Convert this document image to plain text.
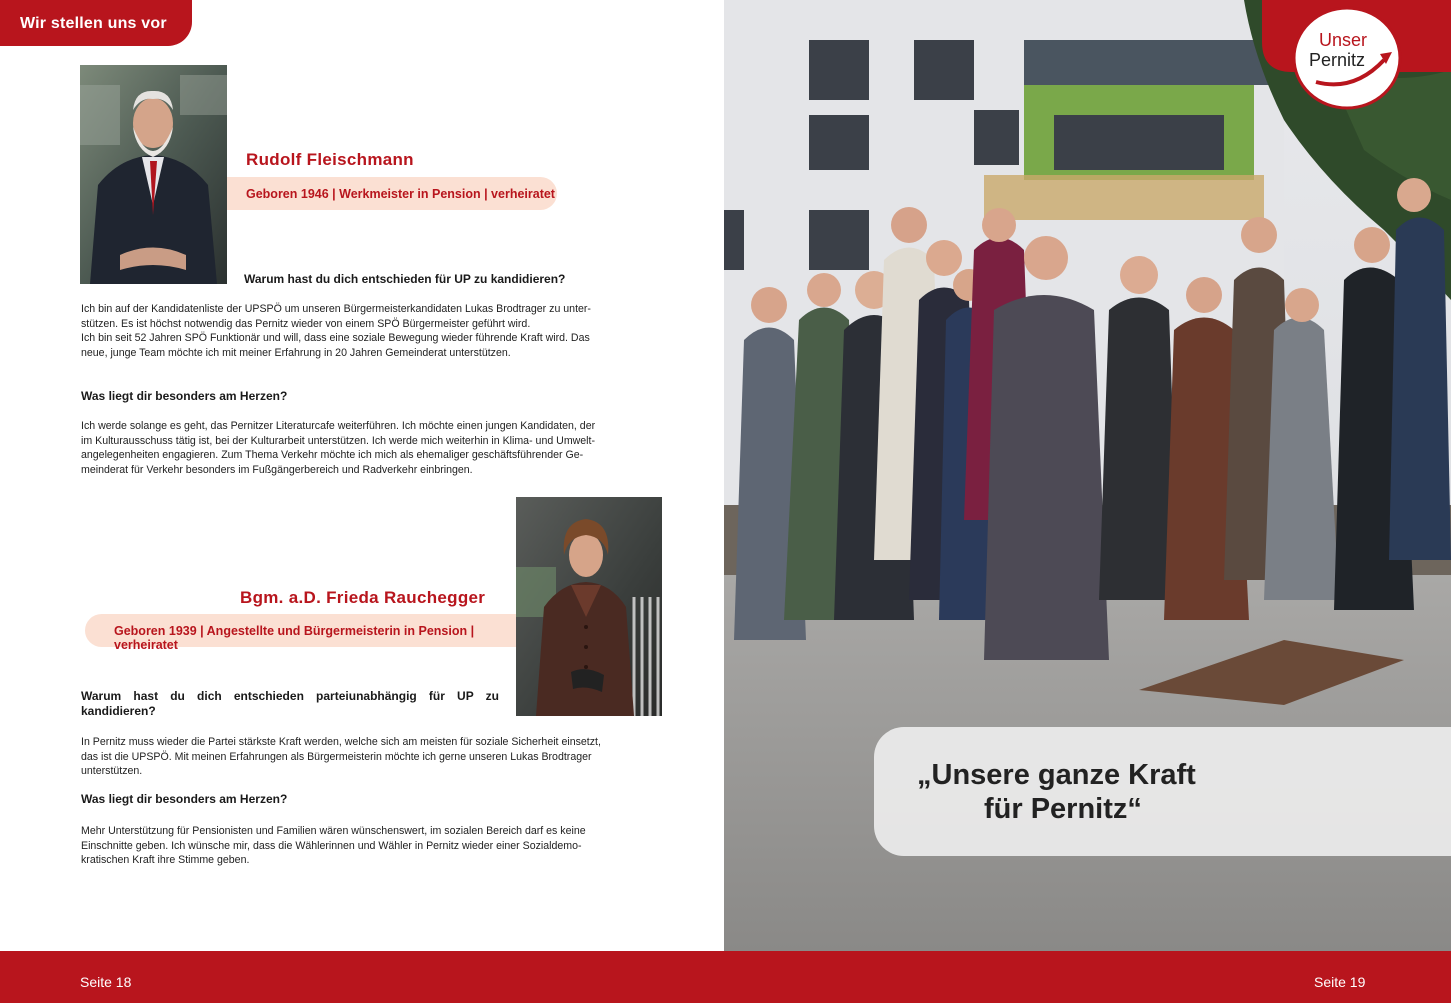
Wir stellen uns vor
Rudolf Fleischmann
Geboren 1946 | Werkmeister in Pension | verheiratet
Warum hast du dich entschieden für UP zu kandidieren?
Ich bin auf der Kandidatenliste der UPSPÖ um unseren Bürgermeisterkandidaten Lukas Brodtrager zu unter-
stützen. Es ist höchst notwendig das Pernitz wieder von einem SPÖ Bürgermeister geführt wird.
Ich bin seit 52 Jahren SPÖ Funktionär und will, dass eine soziale Bewegung wieder führende Kraft wird. Das
neue, junge Team möchte ich mit meiner Erfahrung in 20 Jahren Gemeinderat unterstützen.
Was liegt dir besonders am Herzen?
Ich werde solange es geht, das Pernitzer Literaturcafe weiterführen. Ich möchte einen jungen Kandidaten, der
im Kulturausschuss tätig ist, bei der Kulturarbeit unterstützen. Ich werde mich weiterhin in Klima- und Umwelt-
angelegenheiten engagieren. Zum Thema Verkehr möchte ich mich als ehemaliger geschäftsführender Ge-
meinderat für Verkehr besonders im Fußgängerbereich und Radverkehr einbringen.
Bgm. a.D. Frieda Rauchegger
Geboren 1939 | Angestellte und Bürgermeisterin in Pension | verheiratet
Warum hast du dich entschieden parteiunabhängig für UP zu
kandidieren?
In Pernitz muss wieder die Partei stärkste Kraft werden, welche sich am meisten für soziale Sicherheit einsetzt,
das ist die UPSPÖ. Mit meinen Erfahrungen als Bürgermeisterin möchte ich gerne unseren Lukas Brodtrager
unterstützen.
Was liegt dir besonders am Herzen?
Mehr Unterstützung für Pensionisten und Familien wären wünschenswert, im sozialen Bereich darf es keine
Einschnitte geben. Ich wünsche mir, dass die Wählerinnen und Wähler in Pernitz wieder einer Sozialdemo-
kratischen Kraft ihre Stimme geben.
Unser
Pernitz
„Unsere ganze Kraft
für Pernitz“
Seite 18	Seite 19
